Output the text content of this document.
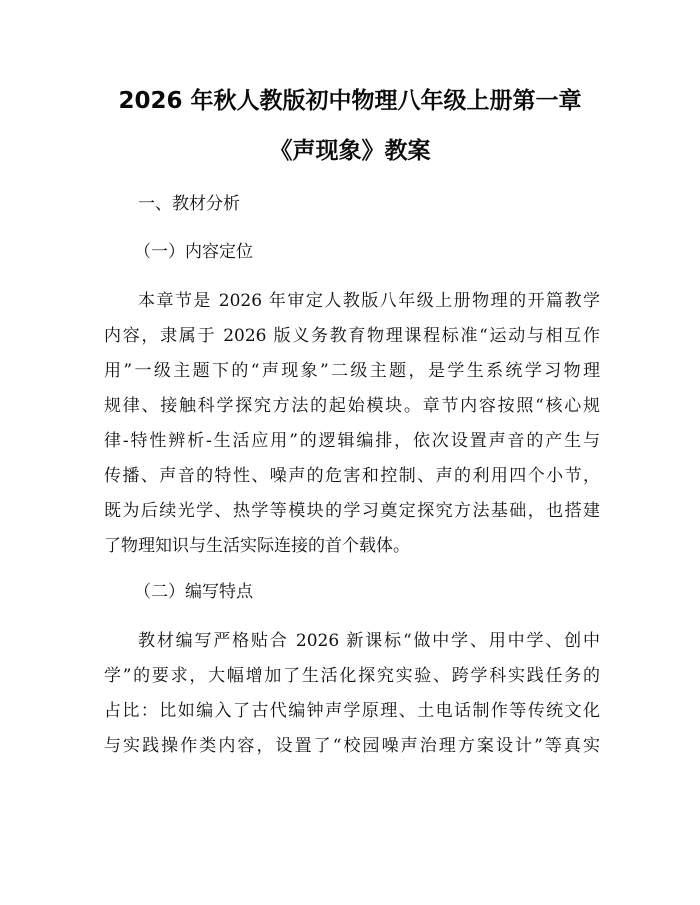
2026 年秋人教版初中物理八年级上册第一章
《声现象》教案
一、教材分析
（一）内容定位
本章节是 2026 年审定人教版八年级上册物理的开篇教学
内容，隶属于 2026 版义务教育物理课程标准“运动与相互作
用”一级主题下的“声现象”二级主题，是学生系统学习物理
规律、接触科学探究方法的起始模块。章节内容按照“核心规
律-特性辨析-生活应用”的逻辑编排，依次设置声音的产生与
传播、声音的特性、噪声的危害和控制、声的利用四个小节，
既为后续光学、热学等模块的学习奠定探究方法基础，也搭建
了物理知识与生活实际连接的首个载体。
（二）编写特点
教材编写严格贴合 2026 新课标“做中学、用中学、创中
学”的要求，大幅增加了生活化探究实验、跨学科实践任务的
占比：比如编入了古代编钟声学原理、土电话制作等传统文化
与实践操作类内容，设置了“校园噪声治理方案设计”等真实
